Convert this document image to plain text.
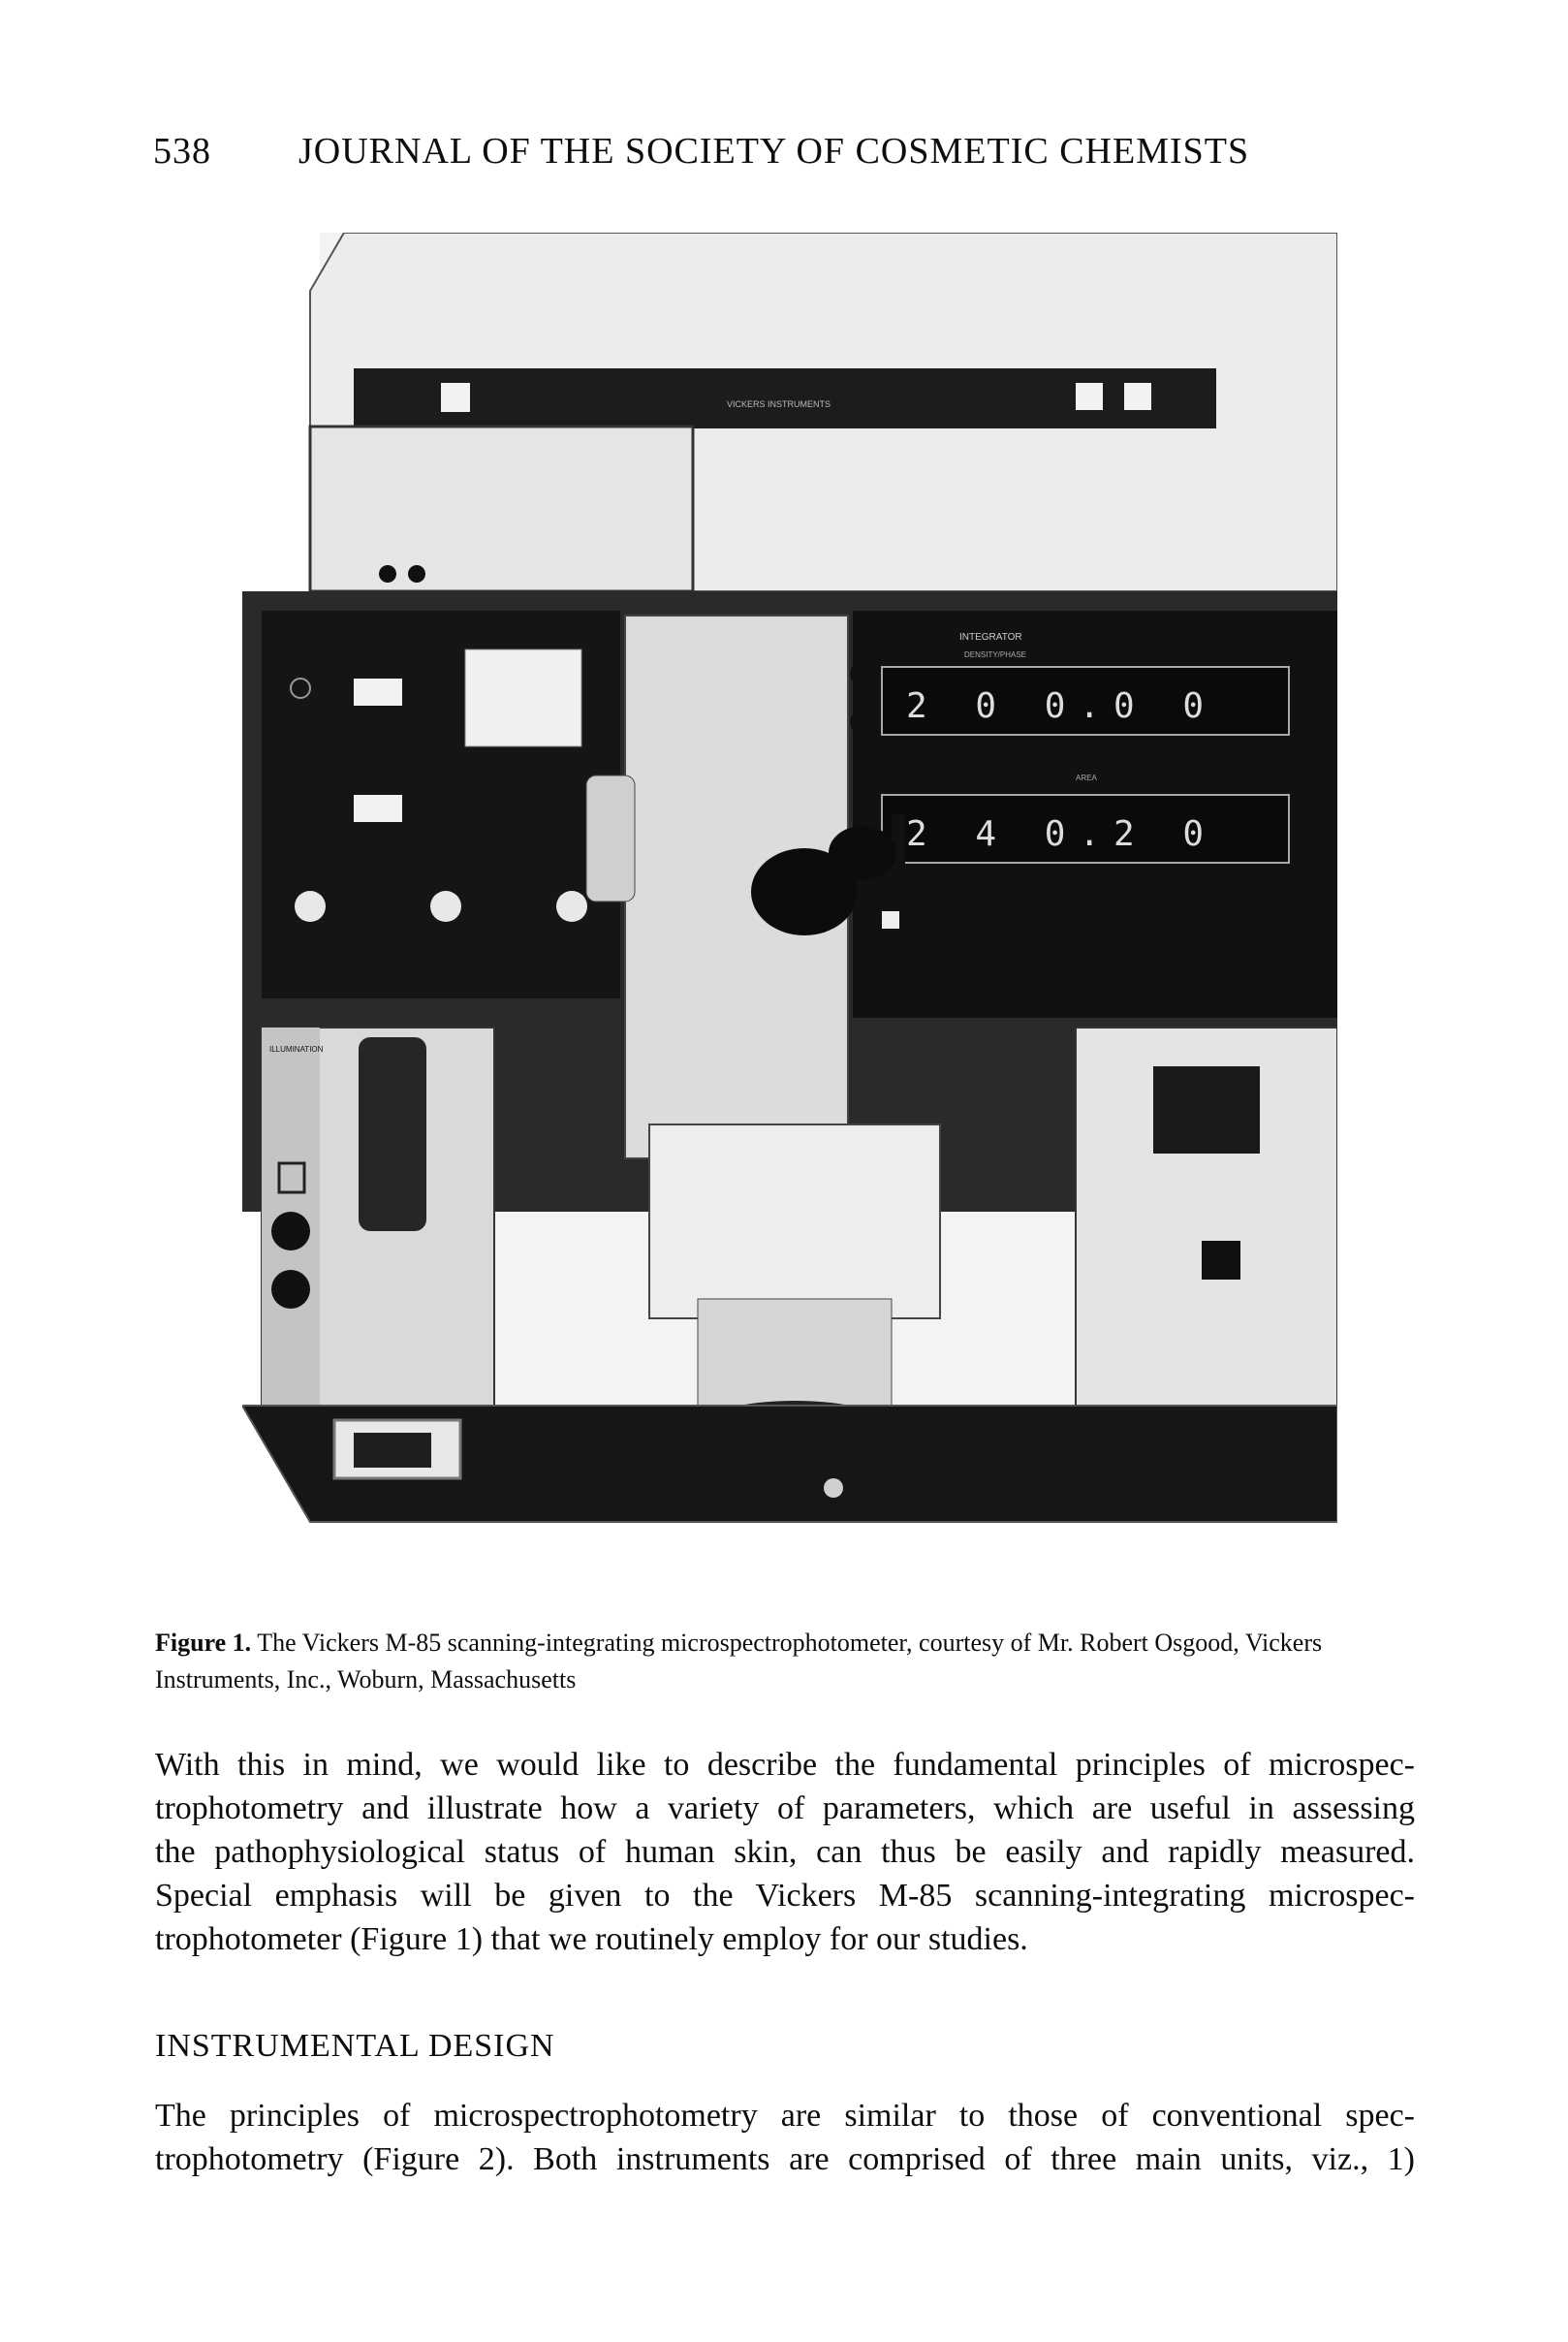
538 JOURNAL OF THE SOCIETY OF COSMETIC CHEMISTS
VICKERS INSTRUMENTS
INTEGRATOR
DENSITY/PHASE
2 0 0.0 0
AREA
2 4 0.2 0
ILLUMINATION
Figure 1. The Vickers M-85 scanning-integrating microspectrophotometer, courtesy of Mr. Robert Osgood, Vickers Instruments, Inc., Woburn, Massachusetts

With this in mind, we would like to describe the fundamental principles of microspec-
trophotometry and illustrate how a variety of parameters, which are useful in assessing
the pathophysiological status of human skin, can thus be easily and rapidly measured.
Special emphasis will be given to the Vickers M-85 scanning-integrating microspec-
trophotometer (Figure 1) that we routinely employ for our studies.

INSTRUMENTAL DESIGN

The principles of microspectrophotometry are similar to those of conventional spec-
trophotometry (Figure 2). Both instruments are comprised of three main units, viz., 1)
